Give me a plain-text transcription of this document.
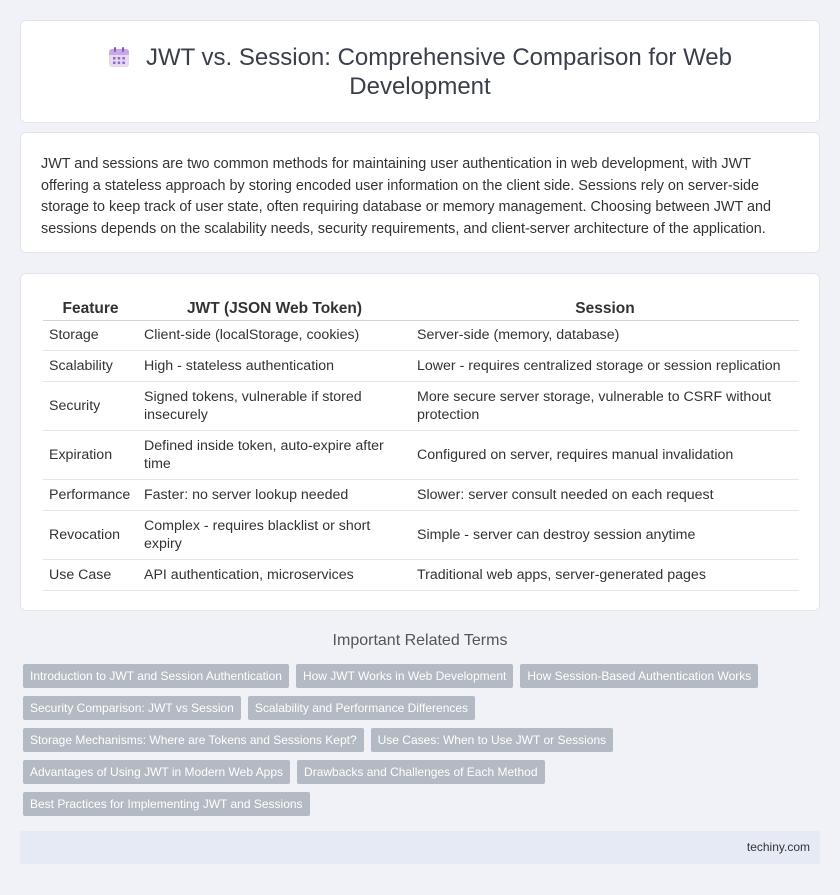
JWT vs. Session: Comprehensive Comparison for Web Development

JWT and sessions are two common methods for maintaining user authentication in web development, with JWT offering a stateless approach by storing encoded user information on the client side. Sessions rely on server-side storage to keep track of user state, often requiring database or memory management. Choosing between JWT and sessions depends on the scalability needs, security requirements, and client-server architecture of the application.

Feature	JWT (JSON Web Token)	Session
Storage	Client-side (localStorage, cookies)	Server-side (memory, database)
Scalability	High - stateless authentication	Lower - requires centralized storage or session replication
Security	Signed tokens, vulnerable if stored insecurely	More secure server storage, vulnerable to CSRF without protection
Expiration	Defined inside token, auto-expire after time	Configured on server, requires manual invalidation
Performance	Faster: no server lookup needed	Slower: server consult needed on each request
Revocation	Complex - requires blacklist or short expiry	Simple - server can destroy session anytime
Use Case	API authentication, microservices	Traditional web apps, server-generated pages
Important Related Terms
Introduction to JWT and Session Authentication	How JWT Works in Web Development	How Session-Based Authentication Works
Security Comparison: JWT vs Session	Scalability and Performance Differences
Storage Mechanisms: Where are Tokens and Sessions Kept?	Use Cases: When to Use JWT or Sessions
Advantages of Using JWT in Modern Web Apps	Drawbacks and Challenges of Each Method
Best Practices for Implementing JWT and Sessions
techiny.com
